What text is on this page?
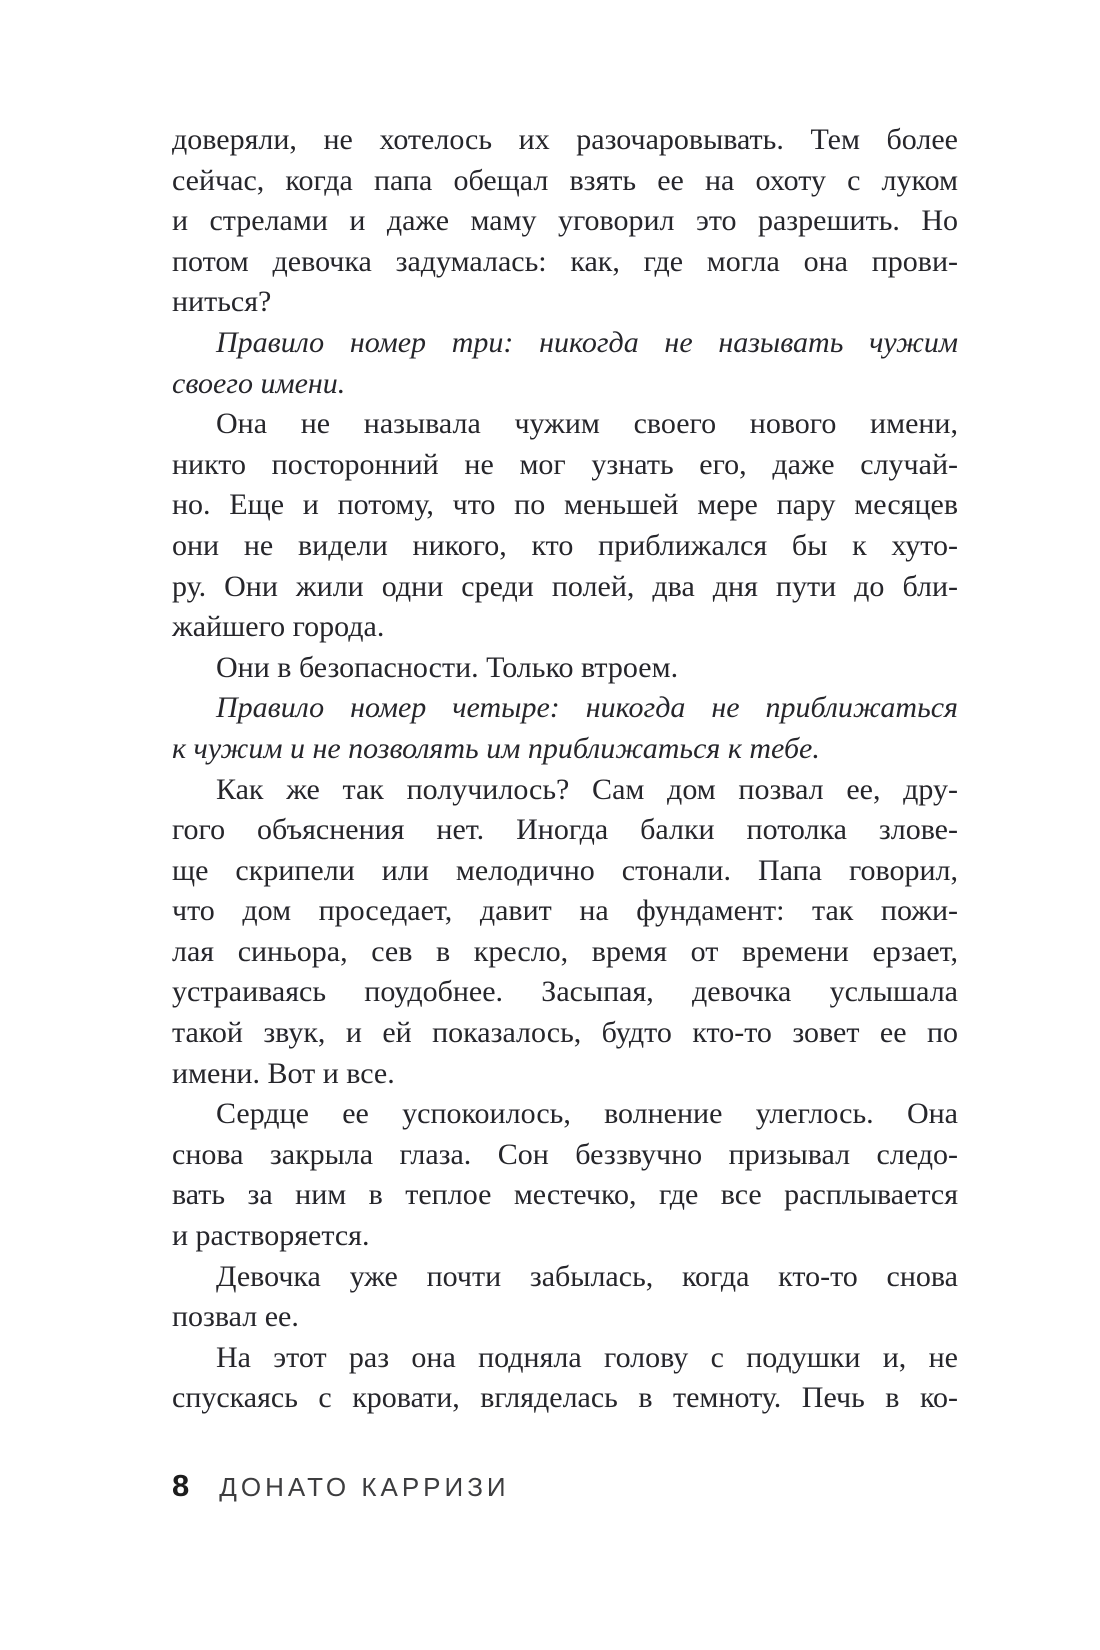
доверяли, не хотелось их разочаровывать. Тем более
сейчас, когда папа обещал взять ее на охоту с луком
и стрелами и даже маму уговорил это разрешить. Но
потом девочка задумалась: как, где могла она прови-
ниться?
Правило номер три: никогда не называть чужим
своего имени.
Она не называла чужим своего нового имени,
никто посторонний не мог узнать его, даже случай-
но. Еще и потому, что по меньшей мере пару месяцев
они не видели никого, кто приближался бы к хуто-
ру. Они жили одни среди полей, два дня пути до бли-
жайшего города.
Они в безопасности. Только втроем.
Правило номер четыре: никогда не приближаться
к чужим и не позволять им приближаться к тебе.
Как же так получилось? Сам дом позвал ее, дру-
гого объяснения нет. Иногда балки потолка злове-
ще скрипели или мелодично стонали. Папа говорил,
что дом проседает, давит на фундамент: так пожи-
лая синьора, сев в кресло, время от времени ерзает,
устраиваясь поудобнее. Засыпая, девочка услышала
такой звук, и ей показалось, будто кто-то зовет ее по
имени. Вот и все.
Сердце ее успокоилось, волнение улеглось. Она
снова закрыла глаза. Сон беззвучно призывал следо-
вать за ним в теплое местечко, где все расплывается
и растворяется.
Девочка уже почти забылась, когда кто-то снова
позвал ее.
На этот раз она подняла голову с подушки и, не
спускаясь с кровати, вгляделась в темноту. Печь в ко-
8 ДОНАТО КАРРИЗИ
